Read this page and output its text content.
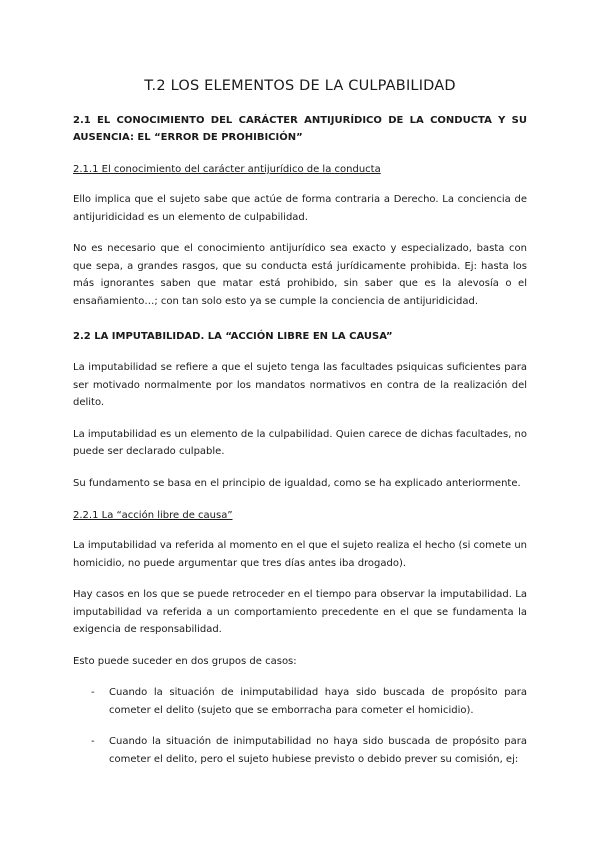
T.2 LOS ELEMENTOS DE LA CULPABILIDAD
2.1 EL CONOCIMIENTO DEL CARÁCTER ANTIJURÍDICO DE LA CONDUCTA Y SU AUSENCIA: EL “ERROR DE PROHIBICIÓN”
2.1.1 El conocimiento del carácter antijurídico de la conducta

Ello implica que el sujeto sabe que actúe de forma contraria a Derecho. La conciencia de antijuridicidad es un elemento de culpabilidad.

No es necesario que el conocimiento antijurídico sea exacto y especializado, basta con que sepa, a grandes rasgos, que su conducta está jurídicamente prohibida. Ej: hasta los más ignorantes saben que matar está prohibido, sin saber que es la alevosía o el ensañamiento…; con tan solo esto ya se cumple la conciencia de antijuridicidad.

2.2 LA IMPUTABILIDAD. LA “ACCIÓN LIBRE EN LA CAUSA”

La imputabilidad se refiere a que el sujeto tenga las facultades psiquicas suficientes para ser motivado normalmente por los mandatos normativos en contra de la realización del delito.

La imputabilidad es un elemento de la culpabilidad. Quien carece de dichas facultades, no puede ser declarado culpable.

Su fundamento se basa en el principio de igualdad, como se ha explicado anteriormente.

2.2.1 La “acción libre de causa”

La imputabilidad va referida al momento en el que el sujeto realiza el hecho (si comete un homicidio, no puede argumentar que tres días antes iba drogado).

Hay casos en los que se puede retroceder en el tiempo para observar la imputabilidad. La imputabilidad va referida a un comportamiento precedente en el que se fundamenta la exigencia de responsabilidad.

Esto puede suceder en dos grupos de casos:

- Cuando la situación de inimputabilidad haya sido buscada de propósito para cometer el delito (sujeto que se emborracha para cometer el homicidio).
- Cuando la situación de inimputabilidad no haya sido buscada de propósito para cometer el delito, pero el sujeto hubiese previsto o debido prever su comisión, ej:
